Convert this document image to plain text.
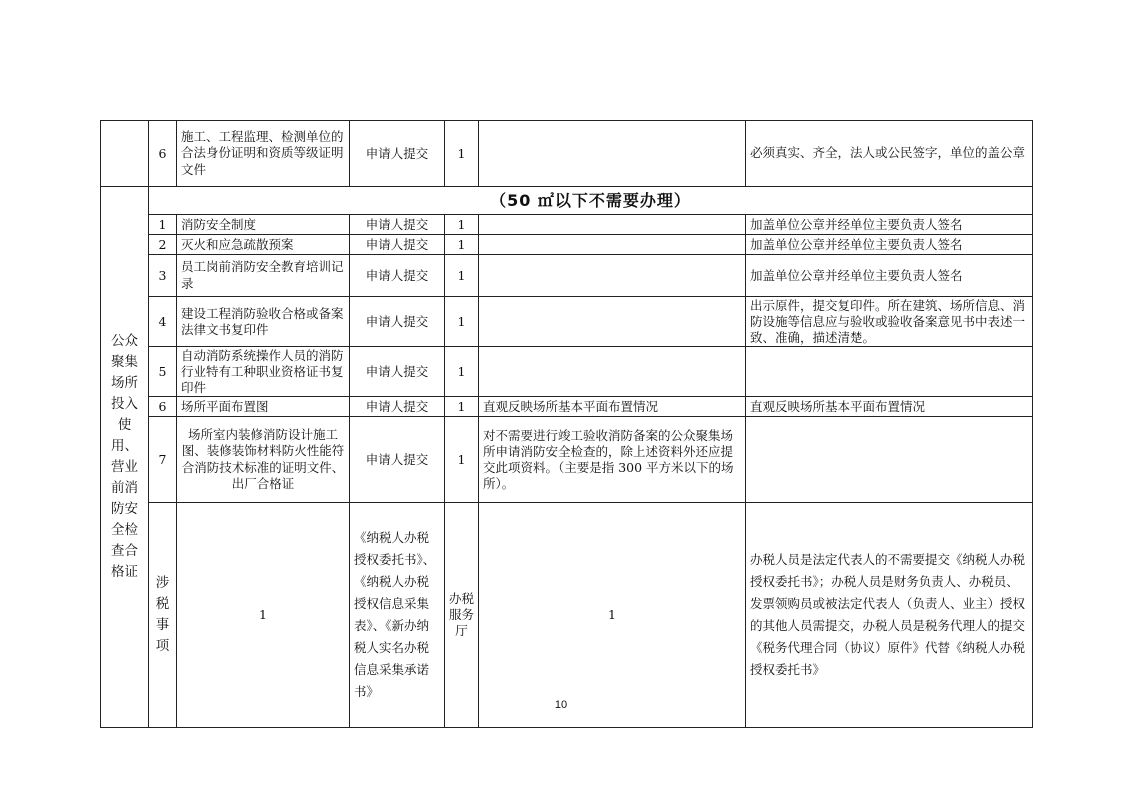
	6	施工、工程监理、检测单位的合法身份证明和资质等级证明文件	申请人提交	1		必须真实、齐全，法人或公民签字，单位的盖公章	
公众聚集场所投入使用、营业前消防安全检查合格证	（50 ㎡以下不需要办理）						
	1	消防安全制度	申请人提交	1		加盖单位公章并经单位主要负责人签名	
	2	灭火和应急疏散预案	申请人提交	1		加盖单位公章并经单位主要负责人签名	
	3	员工岗前消防安全教育培训记录	申请人提交	1		加盖单位公章并经单位主要负责人签名	
	4	建设工程消防验收合格或备案法律文书复印件	申请人提交	1		出示原件，提交复印件。所在建筑、场所信息、消防设施等信息应与验收或验收备案意见书中表述一致、准确，描述清楚。	
	5	自动消防系统操作人员的消防行业特有工种职业资格证书复印件	申请人提交	1			
	6	场所平面布置图	申请人提交	1	直观反映场所基本平面布置情况	直观反映场所基本平面布置情况	
	7	场所室内装修消防设计施工图、装修装饰材料防火性能符合消防技术标准的证明文件、出厂合格证	申请人提交	1	对不需要进行竣工验收消防备案的公众聚集场所申请消防安全检查的，除上述资料外还应提交此项资料。（主要是指 300 平方米以下的场所）。		
	涉税事项	1	《纳税人办税授权委托书》、《纳税人办税授权信息采集表》、《新办纳税人实名办税信息采集承诺书》	办税服务厅	1	办税人员是法定代表人的不需要提交《纳税人办税授权委托书》；办税人员是财务负责人、办税员、发票领购员或被法定代表人（负责人、业主）授权的其他人员需提交，办税人员是税务代理人的提交《税务代理合同（协议）原件》代替《纳税人办税授权委托书》	
10
